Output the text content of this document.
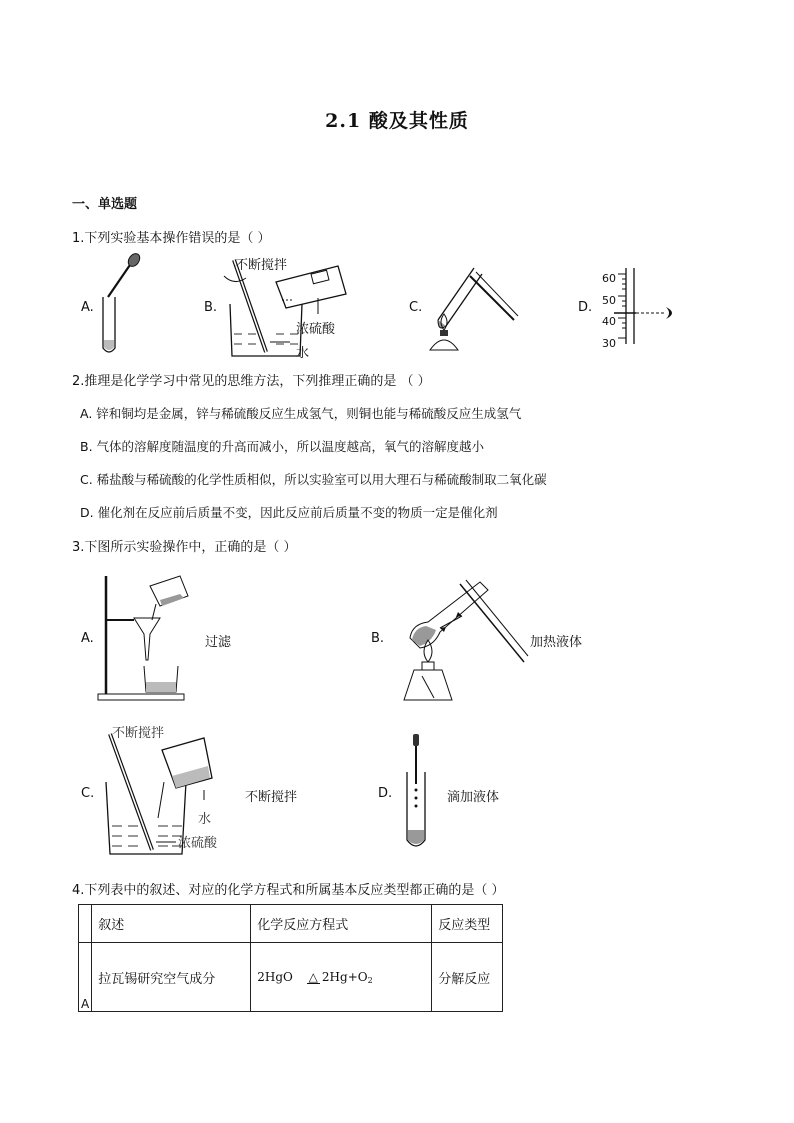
2.1 酸及其性质
一、单选题
1.下列实验基本操作错误的是（ ）
A.	B.
不断搅拌
浓硫酸
水
C.	D.
60
50
40
30
2.推理是化学学习中常见的思维方法，下列推理正确的是 （ ）
A. 锌和铜均是金属，锌与稀硫酸反应生成氢气，则铜也能与稀硫酸反应生成氢气
B. 气体的溶解度随温度的升高而减小，所以温度越高，氧气的溶解度越小
C. 稀盐酸与稀硫酸的化学性质相似，所以实验室可以用大理石与稀硫酸制取二氧化碳
D. 催化剂在反应前后质量不变，因此反应前后质量不变的物质一定是催化剂
3.下图所示实验操作中，正确的是（ ）
A.	过滤	B.	加热液体
C.
不断搅拌
水
浓硫酸
不断搅拌	D.	滴加液体
4.下列表中的叙述、对应的化学方程式和所属基本反应类型都正确的是（ ）
	叙述	化学反应方程式	反应类型
A	拉瓦锡研究空气成分	2HgO △ $2Hg+O_2$	分解反应
